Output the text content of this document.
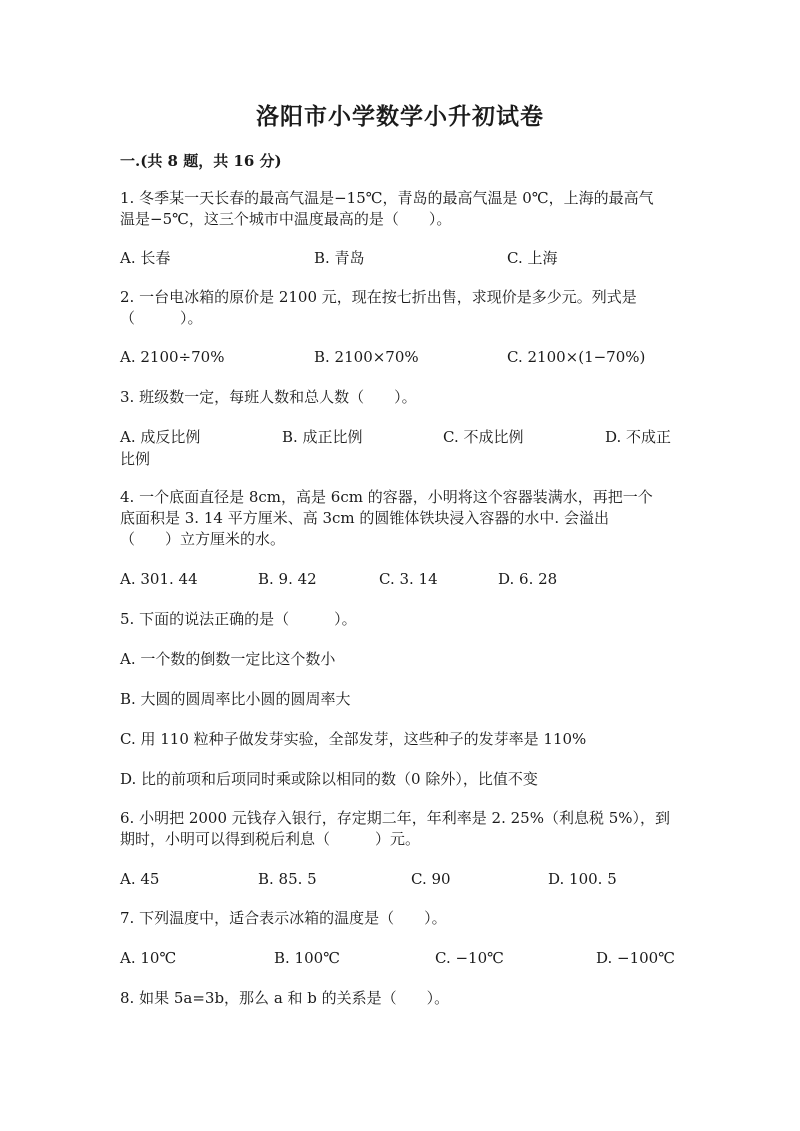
洛阳市小学数学小升初试卷
一.(共 8 题，共 16 分)
1. 冬季某一天长春的最高气温是−15℃，青岛的最高气温是 0℃，上海的最高气
温是−5℃，这三个城市中温度最高的是（　　）。
A. 长春	B. 青岛	C. 上海
2. 一台电冰箱的原价是 2100 元，现在按七折出售，求现价是多少元。列式是
（　　　）。
A. 2100÷70%	B. 2100×70%	C. 2100×(1−70%)
3. 班级数一定，每班人数和总人数（　　）。
A. 成反比例	B. 成正比例	C. 不成比例	D. 不成正
比例
4. 一个底面直径是 8cm，高是 6cm 的容器，小明将这个容器装满水，再把一个
底面积是 3. 14 平方厘米、高 3cm 的圆锥体铁块浸入容器的水中. 会溢出
（　　）立方厘米的水。
A. 301. 44	B. 9. 42	C. 3. 14	D. 6. 28
5. 下面的说法正确的是（　　　）。
A. 一个数的倒数一定比这个数小
B. 大圆的圆周率比小圆的圆周率大
C. 用 110 粒种子做发芽实验，全部发芽，这些种子的发芽率是 110%
D. 比的前项和后项同时乘或除以相同的数（0 除外），比值不变
6. 小明把 2000 元钱存入银行，存定期二年，年利率是 2. 25%（利息税 5%），到
期时，小明可以得到税后利息（　　　）元。
A. 45	B. 85. 5	C. 90	D. 100. 5
7. 下列温度中，适合表示冰箱的温度是（　　）。
A. 10℃	B. 100℃	C. −10℃	D. −100℃
8. 如果 5a=3b，那么 a 和 b 的关系是（　　）。
